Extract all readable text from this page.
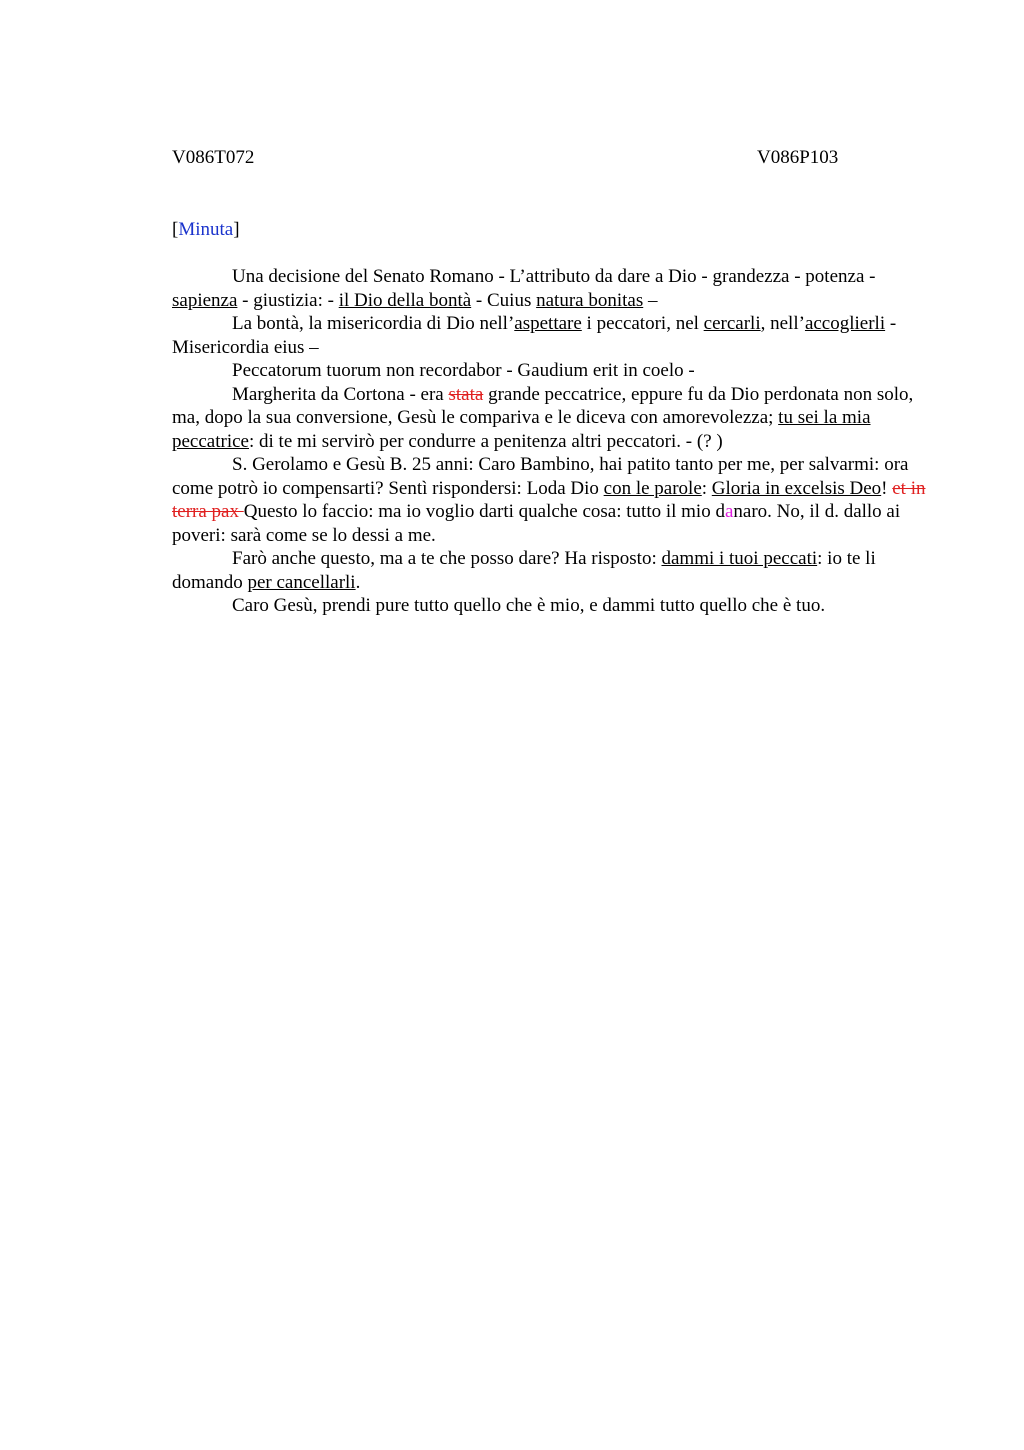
V086T072	V086P103
[Minuta]

Una decisione del Senato Romano - L’attributo da dare a Dio - grandezza - potenza - sapienza - giustizia: - il Dio della bontà - Cuius natura bonitas –

La bontà, la misericordia di Dio nell’aspettare i peccatori, nel cercarli, nell’accoglierli - Misericordia eius –

Peccatorum tuorum non recordabor - Gaudium erit in coelo -

Margherita da Cortona - era stata grande peccatrice, eppure fu da Dio perdonata non solo, ma, dopo la sua conversione, Gesù le compariva e le diceva con amorevolezza; tu sei la mia peccatrice: di te mi servirò per condurre a penitenza altri peccatori. - (? )

S. Gerolamo e Gesù B. 25 anni: Caro Bambino, hai patito tanto per me, per salvarmi: ora come potrò io compensarti? Sentì rispondersi: Loda Dio con le parole: Gloria in excelsis Deo! et in terra pax Questo lo faccio: ma io voglio darti qualche cosa: tutto il mio danaro. No, il d. dallo ai poveri: sarà come se lo dessi a me.

Farò anche questo, ma a te che posso dare? Ha risposto: dammi i tuoi peccati: io te li domando per cancellarli.

Caro Gesù, prendi pure tutto quello che è mio, e dammi tutto quello che è tuo.
